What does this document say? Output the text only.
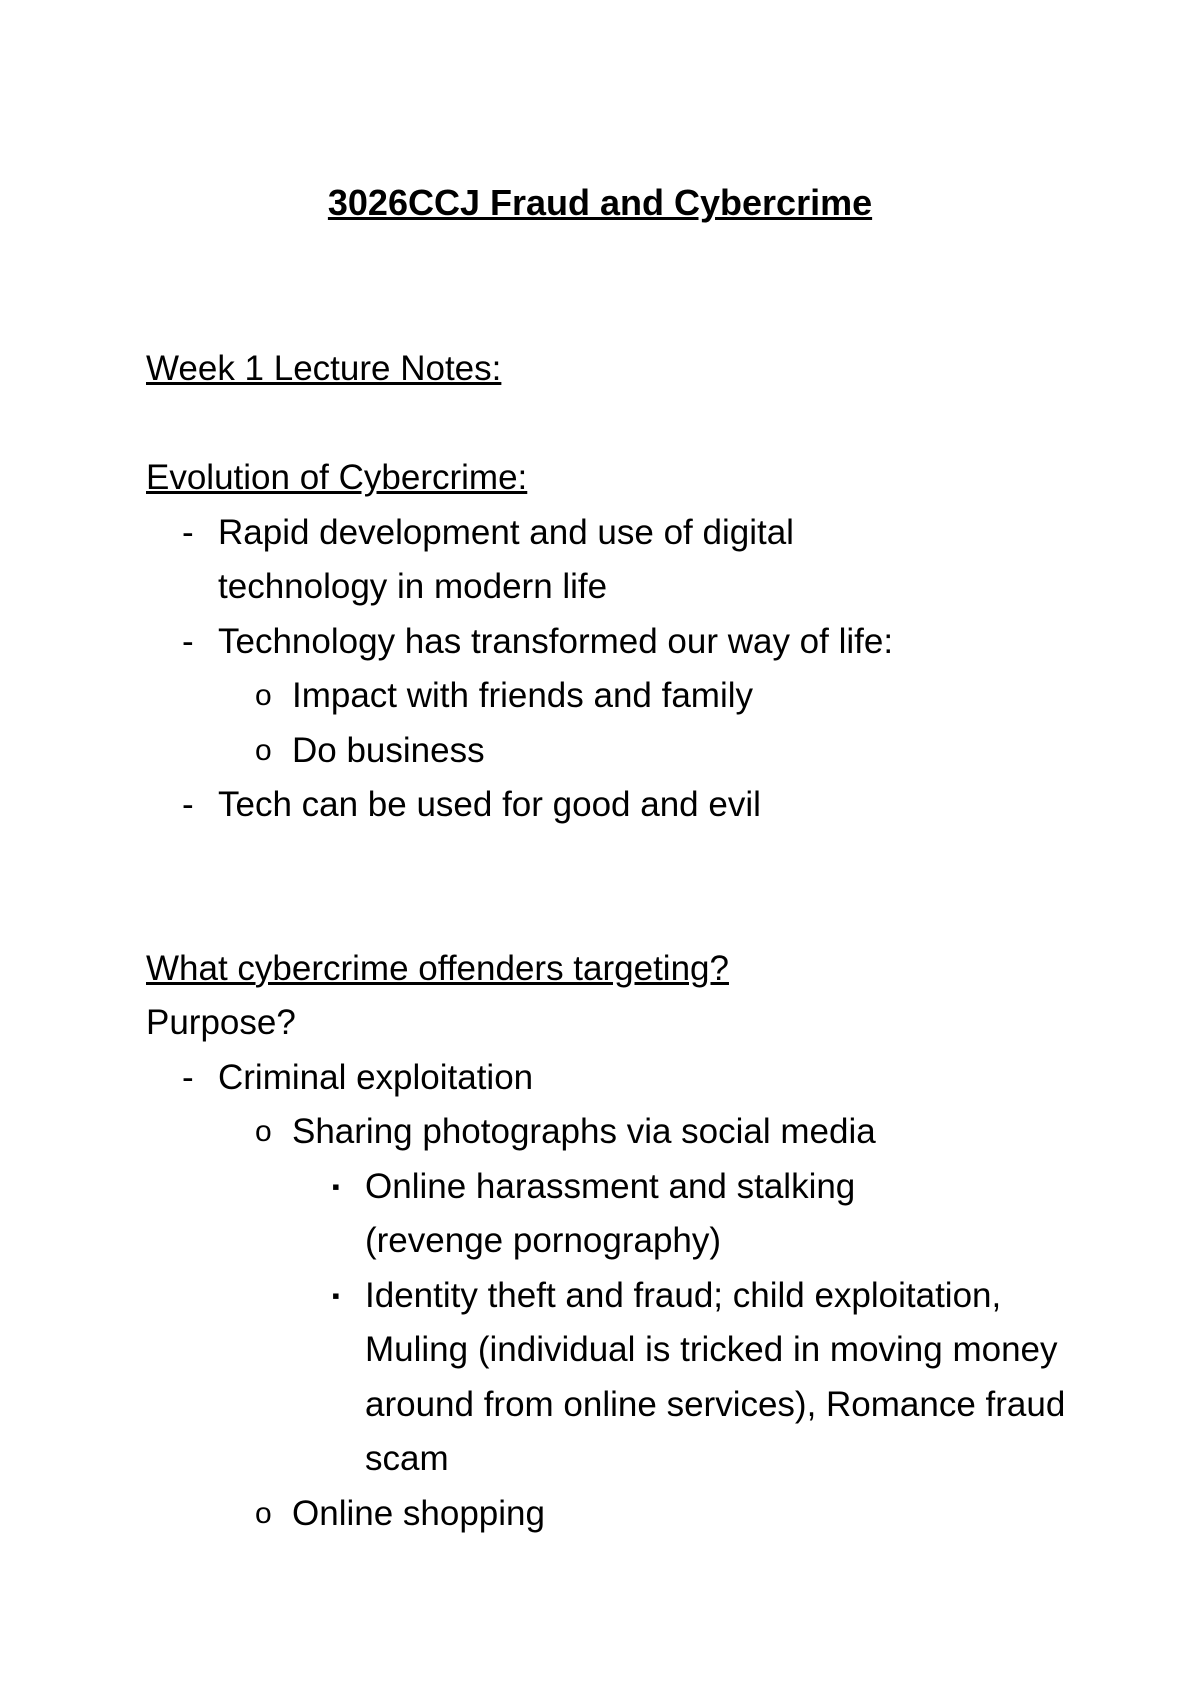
3026CCJ Fraud and Cybercrime

Week 1 Lecture Notes:

Evolution of Cybercrime:

- Rapid development and use of digital technology in modern life
- Technology has transformed our way of life:
o Impact with friends and family
o Do business
- Tech can be used for good and evil

What cybercrime offenders targeting?

Purpose?

- Criminal exploitation
o Sharing photographs via social media
▪ Online harassment and stalking (revenge pornography)
▪ Identity theft and fraud; child exploitation, Muling (individual is tricked in moving money around from online services), Romance fraud scam
o Online shopping
